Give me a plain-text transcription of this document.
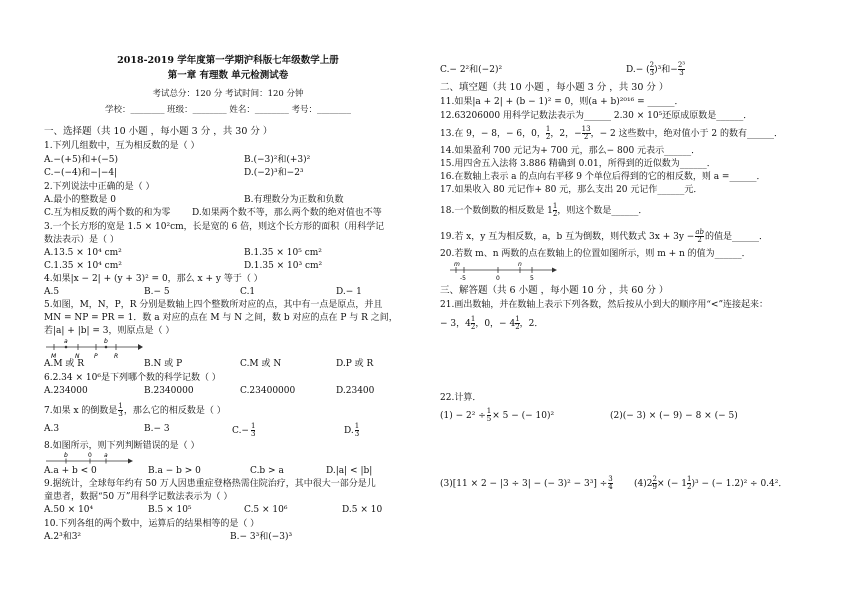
2018-2019 学年度第一学期沪科版七年级数学上册
第一章 有理数 单元检测试卷
考试总分：120 分 考试时间：120 分钟
学校：________ 班级：________ 姓名：________ 考号：________
一、选择题（共 10 小题 ，每小题 3 分 ，共 30 分 ）
1.下列几组数中，互为相反数的是（ ）
A.−(+5)和+(−5)	B.(−3)²和(+3)²
C.−(−4)和−|−4|	D.(−2)³和−2³
2.下列说法中正确的是（ ）
A.最小的整数是 0	B.有理数分为正数和负数
C.互为相反数的两个数的和为零 D.如果两个数不等，那么两个数的绝对值也不等
3.一个长方形的宽是 1.5 × 10²cm，长是宽的 6 倍，则这个长方形的面积（用科学记
数法表示）是（ ）
A.13.5 × 10⁴ cm²	B.1.35 × 10⁵ cm²
C.1.35 × 10⁴ cm²	D.1.35 × 10³ cm²
4.如果|x − 2| + (y + 3)² = 0，那么 x + y 等于（ ）
A.5	B.− 5	C.1	D.− 1
5.如图，M，N，P，R 分别是数轴上四个整数所对应的点，其中有一点是原点，并且
MN = NP = PR = 1．数 a 对应的点在 M 与 N 之间，数 b 对应的点在 P 与 R 之间，
若|a| + |b| = 3，则原点是（ ）
M
a
N P
b
R
A.M 或 R	B.N 或 P	C.M 或 N	D.P 或 R
6.2.34 × 10⁶是下列哪个数的科学记数（ ）
A.234000	B.2340000	C.23400000	D.23400
7.如果 x 的倒数是 $\frac{1}{3}$ ，那么它的相反数是（ ）
A.3	B.− 3	$C.- \frac{1}{3}$	D. $\frac{1}{3}$
8.如图所示，则下列判断错误的是（ ）
b	0 a
A.a + b < 0	B.a − b > 0	C.b > a	D.|a| < |b|
9.据统计，全球每年约有 50 万人因患重症登格热需住院治疗，其中很大一部分是儿
童患者，数据“50 万”用科学记数法表示为（ ）
A.50 × 10⁴	B.5 × 10⁵	C.5 × 10⁶	D.5 × 10
10.下列各组的两个数中，运算后的结果相等的是（ ）
A.2³和3²	B.− 3³和(−3)³
C.− 2²和(−2)²	D.− ( $\frac{2}{3} )^3$和− $\frac{\text{2³}}{3}$
二、填空题（共 10 小题 ，每小题 3 分 ，共 30 分 ）
11.如果|a + 2| + (b − 1)² = 0，则(a + b)²⁰¹⁶ = ______．
12.63206000 用科学记数法表示为______ 2.30 × 10⁵还原成原数是______．
13.在 9，− 8，− 6，0， $\frac{1}{2}$ ，2，− $\frac{13}{2}$ ，− 2 这些数中，绝对值小于 2 的数有______．
14.如果盈利 700 元记为+ 700 元，那么− 800 元表示______．
15.用四舍五入法将 3.886 精确到 0.01，所得到的近似数为______．
16.在数轴上表示 a 的点向右平移 9 个单位后得到的它的相反数，则 a =______．
17.如果收入 80 元记作+ 80 元，那么支出 20 元记作______元．
18.一个数倒数的相反数是 $1 \frac{1}{2}$ ，则这个数是______．
19.若 x，y 互为相反数，a，b 互为倒数，则代数式 $3x + 3y - \frac{ab}{2}$ 的值是______．
20.若数 m、n 两数的点在数轴上的位置如图所示，则 m + n 的值为______．
m
-5	0
n
5
三、解答题（共 6 小题 ，每小题 10 分 ，共 60 分 ）
21.画出数轴，并在数轴上表示下列各数，然后按从小到大的顺序用“<”连接起来：
− 3，$4 \frac{1}{2}$ ，0，− $4 \frac{1}{2}$ ，2．
22.计算．
$(1) - 2^2 \div \frac{1}{5} \times 5$ − (− 10)²	(2)(− 3) × (− 9) − 8 × (− 5)
(3)[11 × 2 − |3 ÷ 3| − (− $3)^2 - 3^3] \div \frac{3}{4} (4)2 \frac{2}{9}$ × (− $1 \frac{1}{2} )^3$ − (− 1.2)² ÷ 0.4²．
